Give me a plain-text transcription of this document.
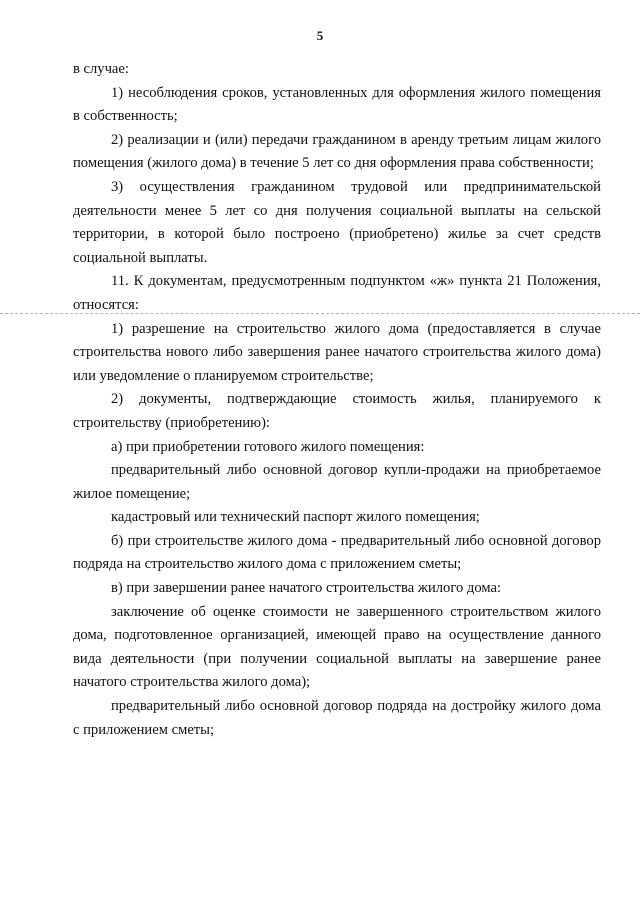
5

в случае:

1) несоблюдения сроков, установленных для оформления жилого помещения в собственность;

2) реализации и (или) передачи гражданином в аренду третьим лицам жилого помещения (жилого дома) в течение 5 лет со дня оформления права собственности;

3) осуществления гражданином трудовой или предпринимательской деятельности менее 5 лет со дня получения социальной выплаты на сельской территории, в которой было построено (приобретено) жилье за счет средств социальной выплаты.

11. К документам, предусмотренным подпунктом «ж» пункта 21 Положения, относятся:

1) разрешение на строительство жилого дома (предоставляется в случае строительства нового либо завершения ранее начатого строительства жилого дома) или уведомление о планируемом строительстве;

2) документы, подтверждающие стоимость жилья, планируемого к строительству (приобретению):

а) при приобретении готового жилого помещения:

предварительный либо основной договор купли-продажи на приобретаемое жилое помещение;

кадастровый или технический паспорт жилого помещения;

б) при строительстве жилого дома - предварительный либо основной договор подряда на строительство жилого дома с приложением сметы;

в) при завершении ранее начатого строительства жилого дома:

заключение об оценке стоимости не завершенного строительством жилого дома, подготовленное организацией, имеющей право на осуществление данного вида деятельности (при получении социальной выплаты на завершение ранее начатого строительства жилого дома);

предварительный либо основной договор подряда на достройку жилого дома с приложением сметы;
